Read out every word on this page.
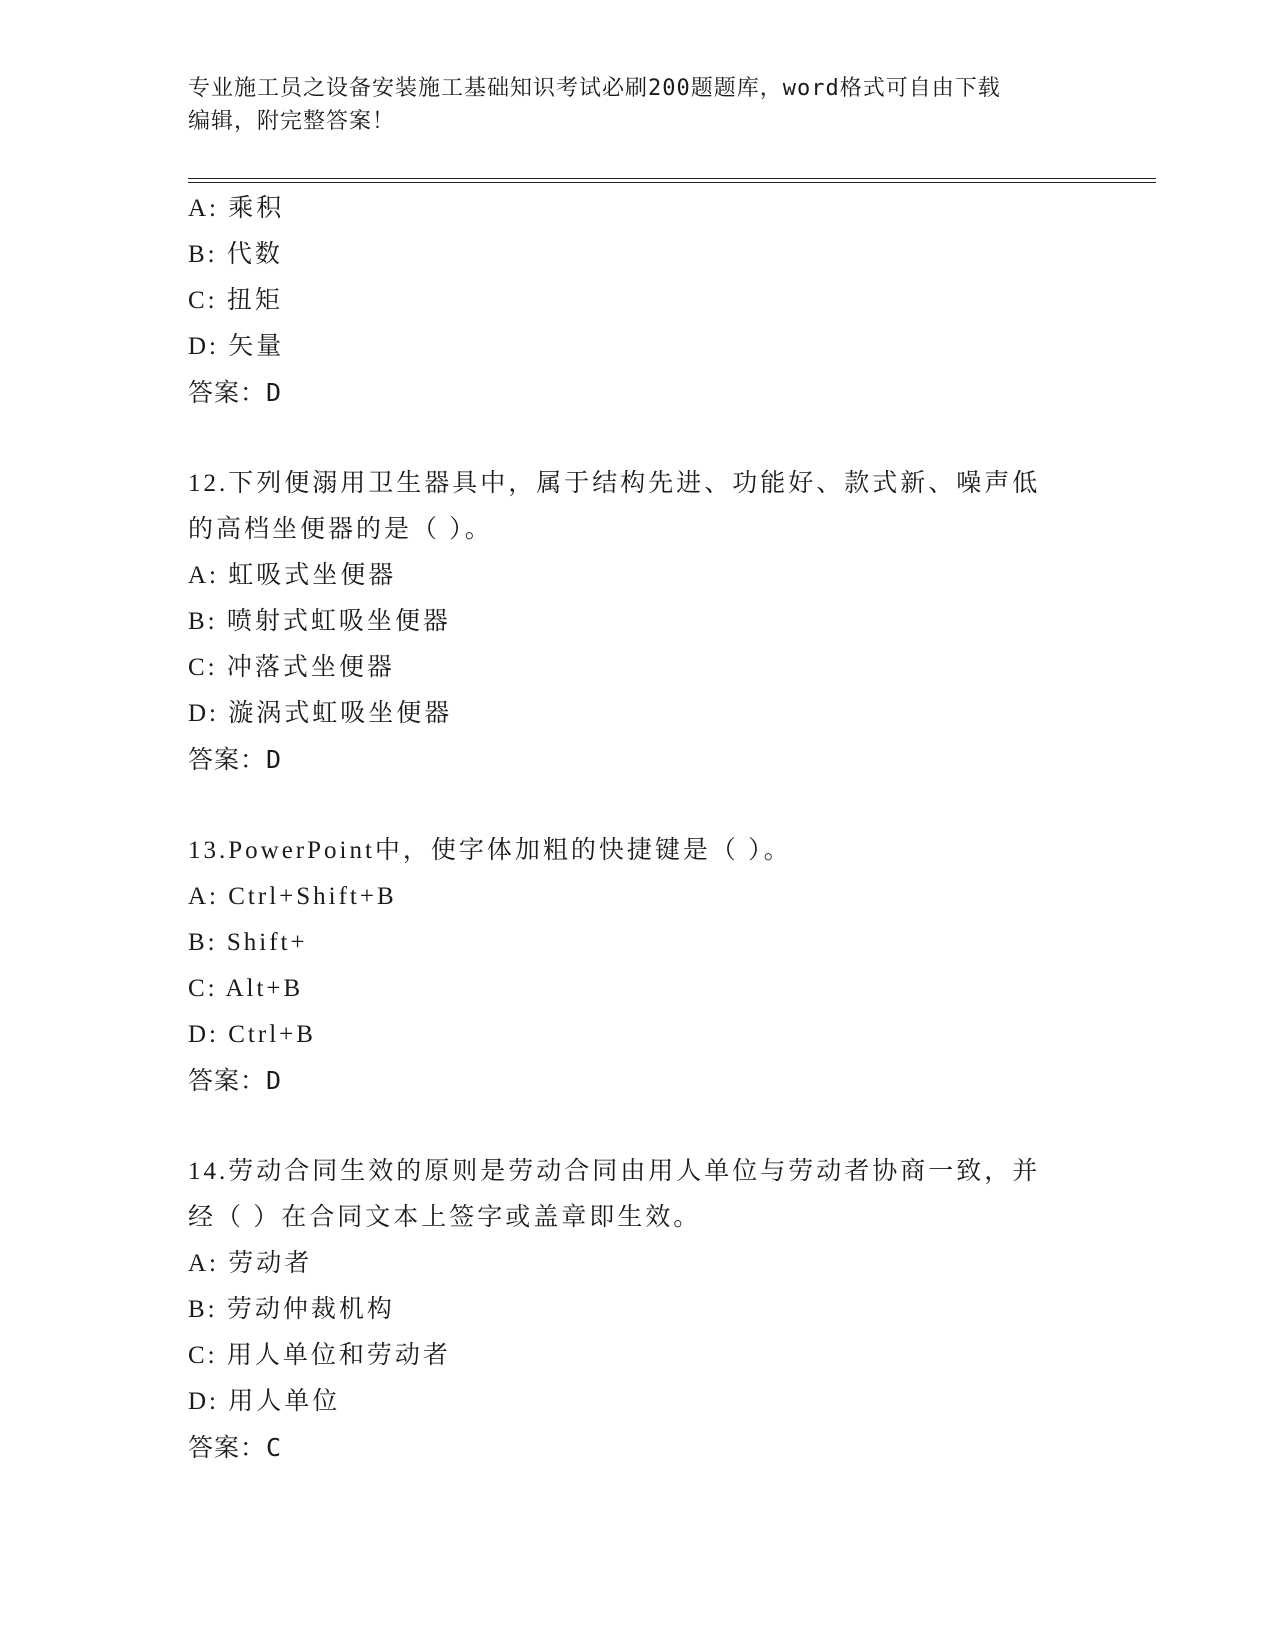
专业施工员之设备安装施工基础知识考试必刷200题题库，word格式可自由下载
编辑，附完整答案！
A: 乘积
B: 代数
C: 扭矩
D: 矢量
答案：D
12.下列便溺用卫生器具中，属于结构先进、功能好、款式新、噪声低
的高档坐便器的是（ ）。
A: 虹吸式坐便器
B: 喷射式虹吸坐便器
C: 冲落式坐便器
D: 漩涡式虹吸坐便器
答案：D
13.PowerPoint中，使字体加粗的快捷键是（ ）。
A: Ctrl+Shift+B
B: Shift+
C: Alt+B
D: Ctrl+B
答案：D
14.劳动合同生效的原则是劳动合同由用人单位与劳动者协商一致，并
经（ ）在合同文本上签字或盖章即生效。
A: 劳动者
B: 劳动仲裁机构
C: 用人单位和劳动者
D: 用人单位
答案：C
